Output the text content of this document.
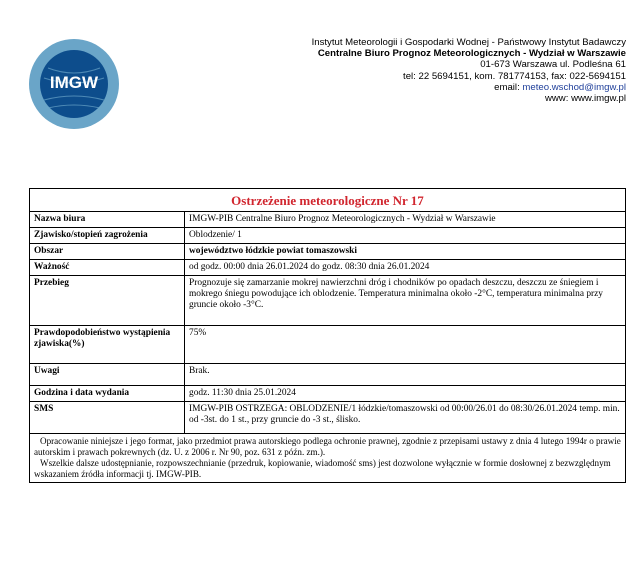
IMGW
Instytut Meteorologii i Gospodarki Wodnej - Państwowy Instytut Badawczy
Centralne Biuro Prognoz Meteorologicznych - Wydział w Warszawie
01-673 Warszawa ul. Podleśna 61
tel: 22 5694151, kom. 781774153, fax: 022-5694151
email: meteo.wschod@imgw.pl
www: www.imgw.pl
Ostrzeżenie meteorologiczne Nr 17	
Nazwa biura	IMGW-PIB Centralne Biuro Prognoz Meteorologicznych - Wydział w Warszawie
Zjawisko/stopień zagrożenia	Oblodzenie/ 1
Obszar	województwo łódzkie powiat tomaszowski
Ważność	od godz. 00:00 dnia 26.01.2024 do godz. 08:30 dnia 26.01.2024
Przebieg	Prognozuje się zamarzanie mokrej nawierzchni dróg i chodników po opadach deszczu, deszczu ze śniegiem i mokrego śniegu powodujące ich oblodzenie. Temperatura minimalna około -2°C, temperatura minimalna przy gruncie około -3°C.
Prawdopodobieństwo wystąpienia zjawiska(%)	75%
Uwagi	Brak.
Godzina i data wydania	godz. 11:30 dnia 25.01.2024
SMS	IMGW-PIB OSTRZEGA: OBLODZENIE/1 łódzkie/tomaszowski od 00:00/26.01 do 08:30/26.01.2024 temp. min. od -3st. do 1 st., przy gruncie do -3 st., ślisko.

Opracowanie niniejsze i jego format, jako przedmiot prawa autorskiego podlega ochronie prawnej, zgodnie z przepisami ustawy z dnia 4 lutego 1994r o prawie autorskim i prawach pokrewnych (dz. U. z 2006 r. Nr 90, poz. 631 z późn. zm.).
Wszelkie dalsze udostępnianie, rozpowszechnianie (przedruk, kopiowanie, wiadomość sms) jest dozwolone wyłącznie w formie dosłownej z bezwzględnym wskazaniem źródła informacji tj. IMGW-PIB.	
